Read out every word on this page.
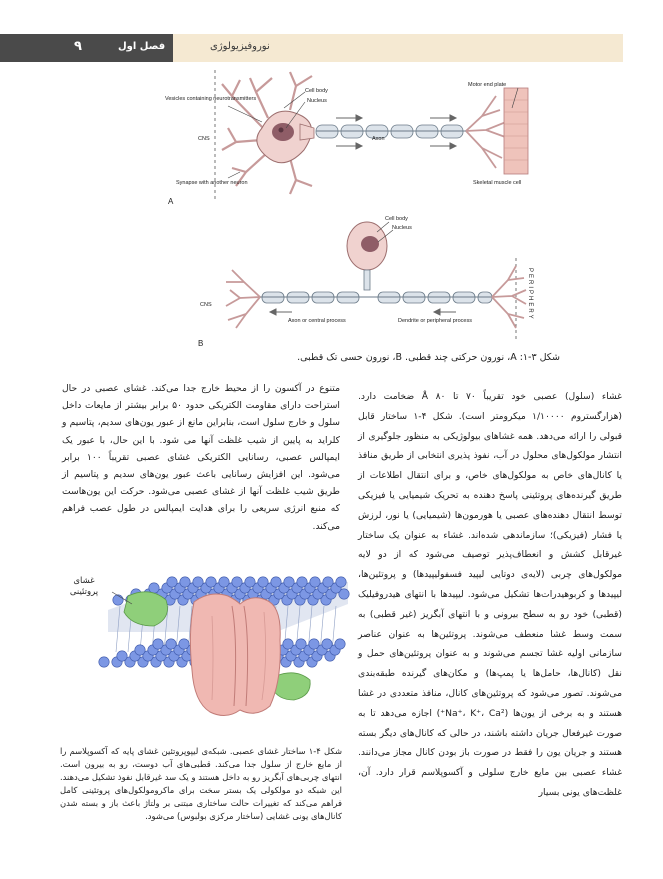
نوروفیزیولوژی
فصل اول
۹
Vesicles containing neurotransmitters
Cell body
Nucleus
Motor end plate
CNS	Axon
Synapse with another neuron	Skeletal muscle cell
A
Cell body
Nucleus
PERIPHERY
CNS
Axon or central process	Dendrite or peripheral process
B
شکل ۳-۱: A، نورون حرکتی چند قطبی. B، نورون حسی تک قطبی.
غشاء (سلول) عصبی خود تقریباً ۷۰ تا ۸۰ Å ضخامت دارد. (هزارگستروم ۱/۱۰۰۰۰ میکرومتر است). شکل ۴-۱ ساختار قابل قبولی را ارائه می‌دهد. همه غشاهای بیولوژیکی به منظور جلوگیری از انتشار مولکول‌های محلول در آب، نفوذ پذیری انتخابی از طریق منافذ یا کانال‌های خاص به مولکول‌های خاص، و برای انتقال اطلاعات از طریق گیرنده‌های پروتئینی پاسخ دهنده به تحریک شیمیایی یا فیزیکی توسط انتقال دهنده‌های عصبی یا هورمون‌ها (شیمیایی) یا نور، لرزش یا فشار (فیزیکی)؛ سازماندهی شده‌اند. غشاء به عنوان یک ساختار غیرقابل کشش و انعطاف‌پذیر توصیف می‌شود که از دو لایه مولکول‌های چربی (لایه‌ی دوتایی لیپید فسفولیپیدها) و پروتئین‌ها، لیپیدها و کربوهیدرات‌ها تشکیل می‌شود. لیپیدها با انتهای هیدروفیلیک (قطبی) خود رو به سطح بیرونی و با انتهای آبگریز (غیر قطبی) به سمت وسط غشا منعطف می‌شوند. پروتئین‌ها به عنوان عناصر سازمانی اولیه غشا تجسم می‌شوند و به عنوان پروتئین‌های حمل و نقل (کانال‌ها، حامل‌ها یا پمپ‌ها) و مکان‌های گیرنده طبقه‌بندی می‌شوند. تصور می‌شود که پروتئین‌های کانال، منافذ متعددی در غشا هستند و به برخی از یون‌ها (Na⁺، K⁺، Ca²⁺) اجازه می‌دهد تا به صورت غیرفعال جریان داشته باشند، در حالی که کانال‌های دیگر بسته هستند و جریان یون را فقط در صورت باز بودن کانال مجاز می‌دانند. غشاء عصبی بین مایع خارج سلولی و آکسوپلاسم قرار دارد. آن، غلظت‌های یونی بسیار
متنوع در آکسون را از محیط خارج جدا می‌کند. غشای عصبی در حال استراحت دارای مقاومت الکتریکی حدود ۵۰ برابر بیشتر از مایعات داخل سلول و خارج سلول است، بنابراین مانع از عبور یون‌های سدیم، پتاسیم و کلراید به پایین از شیب غلظت آنها می شود. با این حال، با عبور یک ایمپالس عصبی، رسانایی الکتریکی غشای عصبی تقریباً ۱۰۰ برابر می‌شود. این افزایش رسانایی باعث عبور یون‌های سدیم و پتاسیم از طریق شیب غلظت آنها از غشای عصبی می‌شود. حرکت این یون‌هاست که منبع انرژی سریعی را برای هدایت ایمپالس در طول عصب فراهم می‌کند.
غشای پروتئینی
شکل ۴-۱ ساختار غشای عصبی. شبکه‌ی لیپوپروتئین غشای پایه که آکسوپلاسم را از مایع خارج از سلول جدا می‌کند. قطبی‌های آب دوست، رو به بیرون است. انتهای چربی‌های آبگریز رو به داخل هستند و یک سد غیرقابل نفوذ تشکیل می‌دهند. این شبکه دو مولکولی یک بستر سخت برای ماکرومولکول‌های پروتئینی کامل فراهم می‌کند که تغییرات حالت ساختاری مبتنی بر ولتاژ باعث باز و بسته شدن کانال‌های یونی غشایی (ساختار مرکزی بولبوس) می‌شود.
